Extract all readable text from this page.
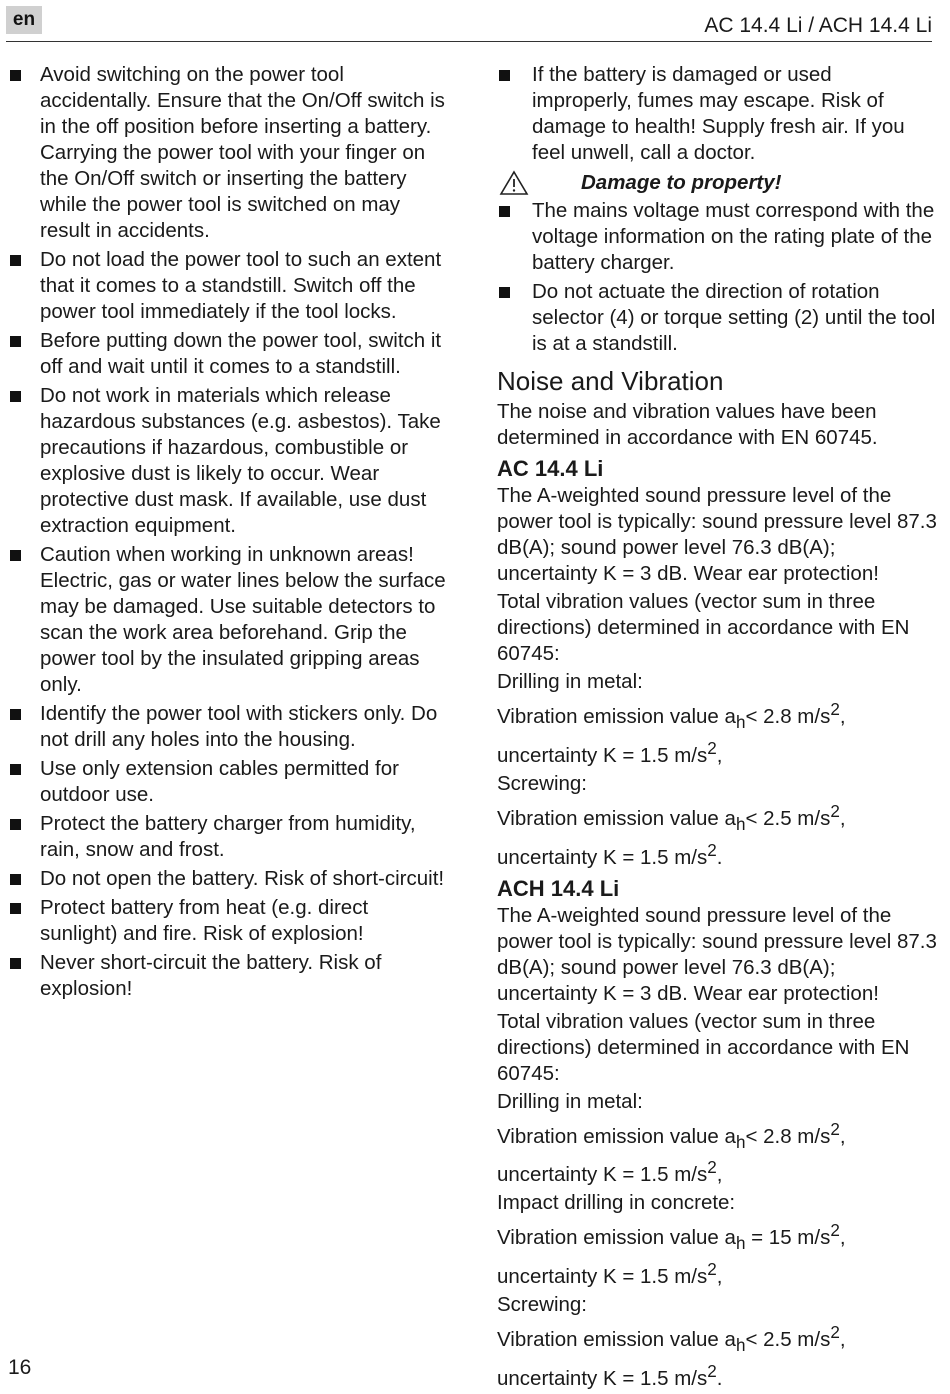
en	AC 14.4 Li / ACH 14.4 Li
Avoid switching on the power tool accidentally. Ensure that the On/Off switch is in the off position before inserting a battery. Carrying the power tool with your finger on the On/Off switch or inserting the battery while the power tool is switched on may result in accidents.
Do not load the power tool to such an extent that it comes to a standstill. Switch off the power tool immediately if the tool locks.
Before putting down the power tool, switch it off and wait until it comes to a standstill.
Do not work in materials which release hazardous substances (e.g. asbestos). Take precautions if hazardous, combustible or explosive dust is likely to occur. Wear protective dust mask. If available, use dust extraction equipment.
Caution when working in unknown areas! Electric, gas or water lines below the surface may be damaged. Use suitable detectors to scan the work area beforehand. Grip the power tool by the insulated gripping areas only.
Identify the power tool with stickers only. Do not drill any holes into the housing.
Use only extension cables permitted for outdoor use.
Protect the battery charger from humidity, rain, snow and frost.
Do not open the battery. Risk of short-circuit!
Protect battery from heat (e.g. direct sunlight) and fire. Risk of explosion!
Never short-circuit the battery. Risk of explosion!
If the battery is damaged or used improperly, fumes may escape. Risk of damage to health! Supply fresh air. If you feel unwell, call a doctor.
Damage to property!
The mains voltage must correspond with the voltage information on the rating plate of the battery charger.
Do not actuate the direction of rotation selector (4) or torque setting (2) until the tool is at a standstill.
Noise and Vibration

The noise and vibration values have been determined in accordance with EN 60745.

AC 14.4 Li

The A-weighted sound pressure level of the power tool is typically: sound pressure level 87.3 dB(A); sound power level 76.3 dB(A); uncertainty K = 3 dB. Wear ear protection!

Total vibration values (vector sum in three directions) determined in accordance with EN 60745:

Drilling in metal:

Vibration emission value $a_h< 2.8$ $m/s^2$,
uncertainty K = 1.5 $m/s^2$,

Screwing:

Vibration emission value $a_h< 2.5$ $m/s^2$,
uncertainty K = 1.5 $m/s^2$.

ACH 14.4 Li

The A-weighted sound pressure level of the power tool is typically: sound pressure level 87.3 dB(A); sound power level 76.3 dB(A); uncertainty K = 3 dB. Wear ear protection!

Total vibration values (vector sum in three directions) determined in accordance with EN 60745:

Drilling in metal:

Vibration emission value $a_h< 2.8$ $m/s^2$,
uncertainty K = 1.5 $m/s^2$,

Impact drilling in concrete:

Vibration emission value $a_h = 15$ $m/s^2$,
uncertainty K = 1.5 $m/s^2$,

Screwing:

Vibration emission value $a_h< 2.5$ $m/s^2$,
uncertainty K = 1.5 $m/s^2$.

16
